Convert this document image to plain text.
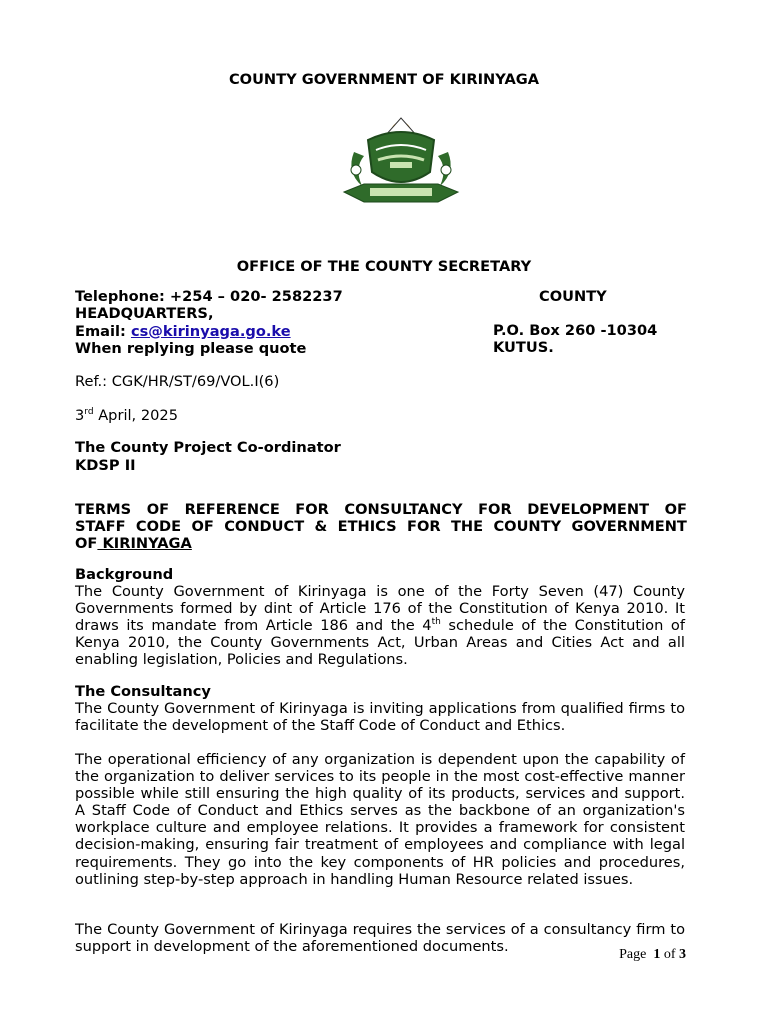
COUNTY GOVERNMENT OF KIRINYAGA
OFFICE OF THE COUNTY SECRETARY
Telephone: +254 – 020- 2582237
HEADQUARTERS,
Email: cs@kirinyaga.go.ke
When replying please quote
COUNTY
P.O. Box 260 -10304
KUTUS.
Ref.: CGK/HR/ST/69/VOL.I(6)
3rd April, 2025
The County Project Co-ordinator
KDSP II
TERMS OF REFERENCE FOR CONSULTANCY FOR DEVELOPMENT OF
STAFF CODE OF CONDUCT & ETHICS FOR THE COUNTY GOVERNMENT
OF KIRINYAGA
Background
The County Government of Kirinyaga is one of the Forty Seven (47) County Governments formed by dint of Article 176 of the Constitution of Kenya 2010. It draws its mandate from Article 186 and the 4th schedule of the Constitution of Kenya 2010, the County Governments Act, Urban Areas and Cities Act and all enabling legislation, Policies and Regulations.
The Consultancy
The County Government of Kirinyaga is inviting applications from qualified firms to facilitate the development of the Staff Code of Conduct and Ethics.
The operational efficiency of any organization is dependent upon the capability of the organization to deliver services to its people in the most cost-effective manner possible while still ensuring the high quality of its products, services and support. A Staff Code of Conduct and Ethics serves as the backbone of an organization's workplace culture and employee relations. It provides a framework for consistent decision-making, ensuring fair treatment of employees and compliance with legal requirements. They go into the key components of HR policies and procedures, outlining step-by-step approach in handling Human Resource related issues.
The County Government of Kirinyaga requires the services of a consultancy firm to support in development of the aforementioned documents.	Page 1 of 3
